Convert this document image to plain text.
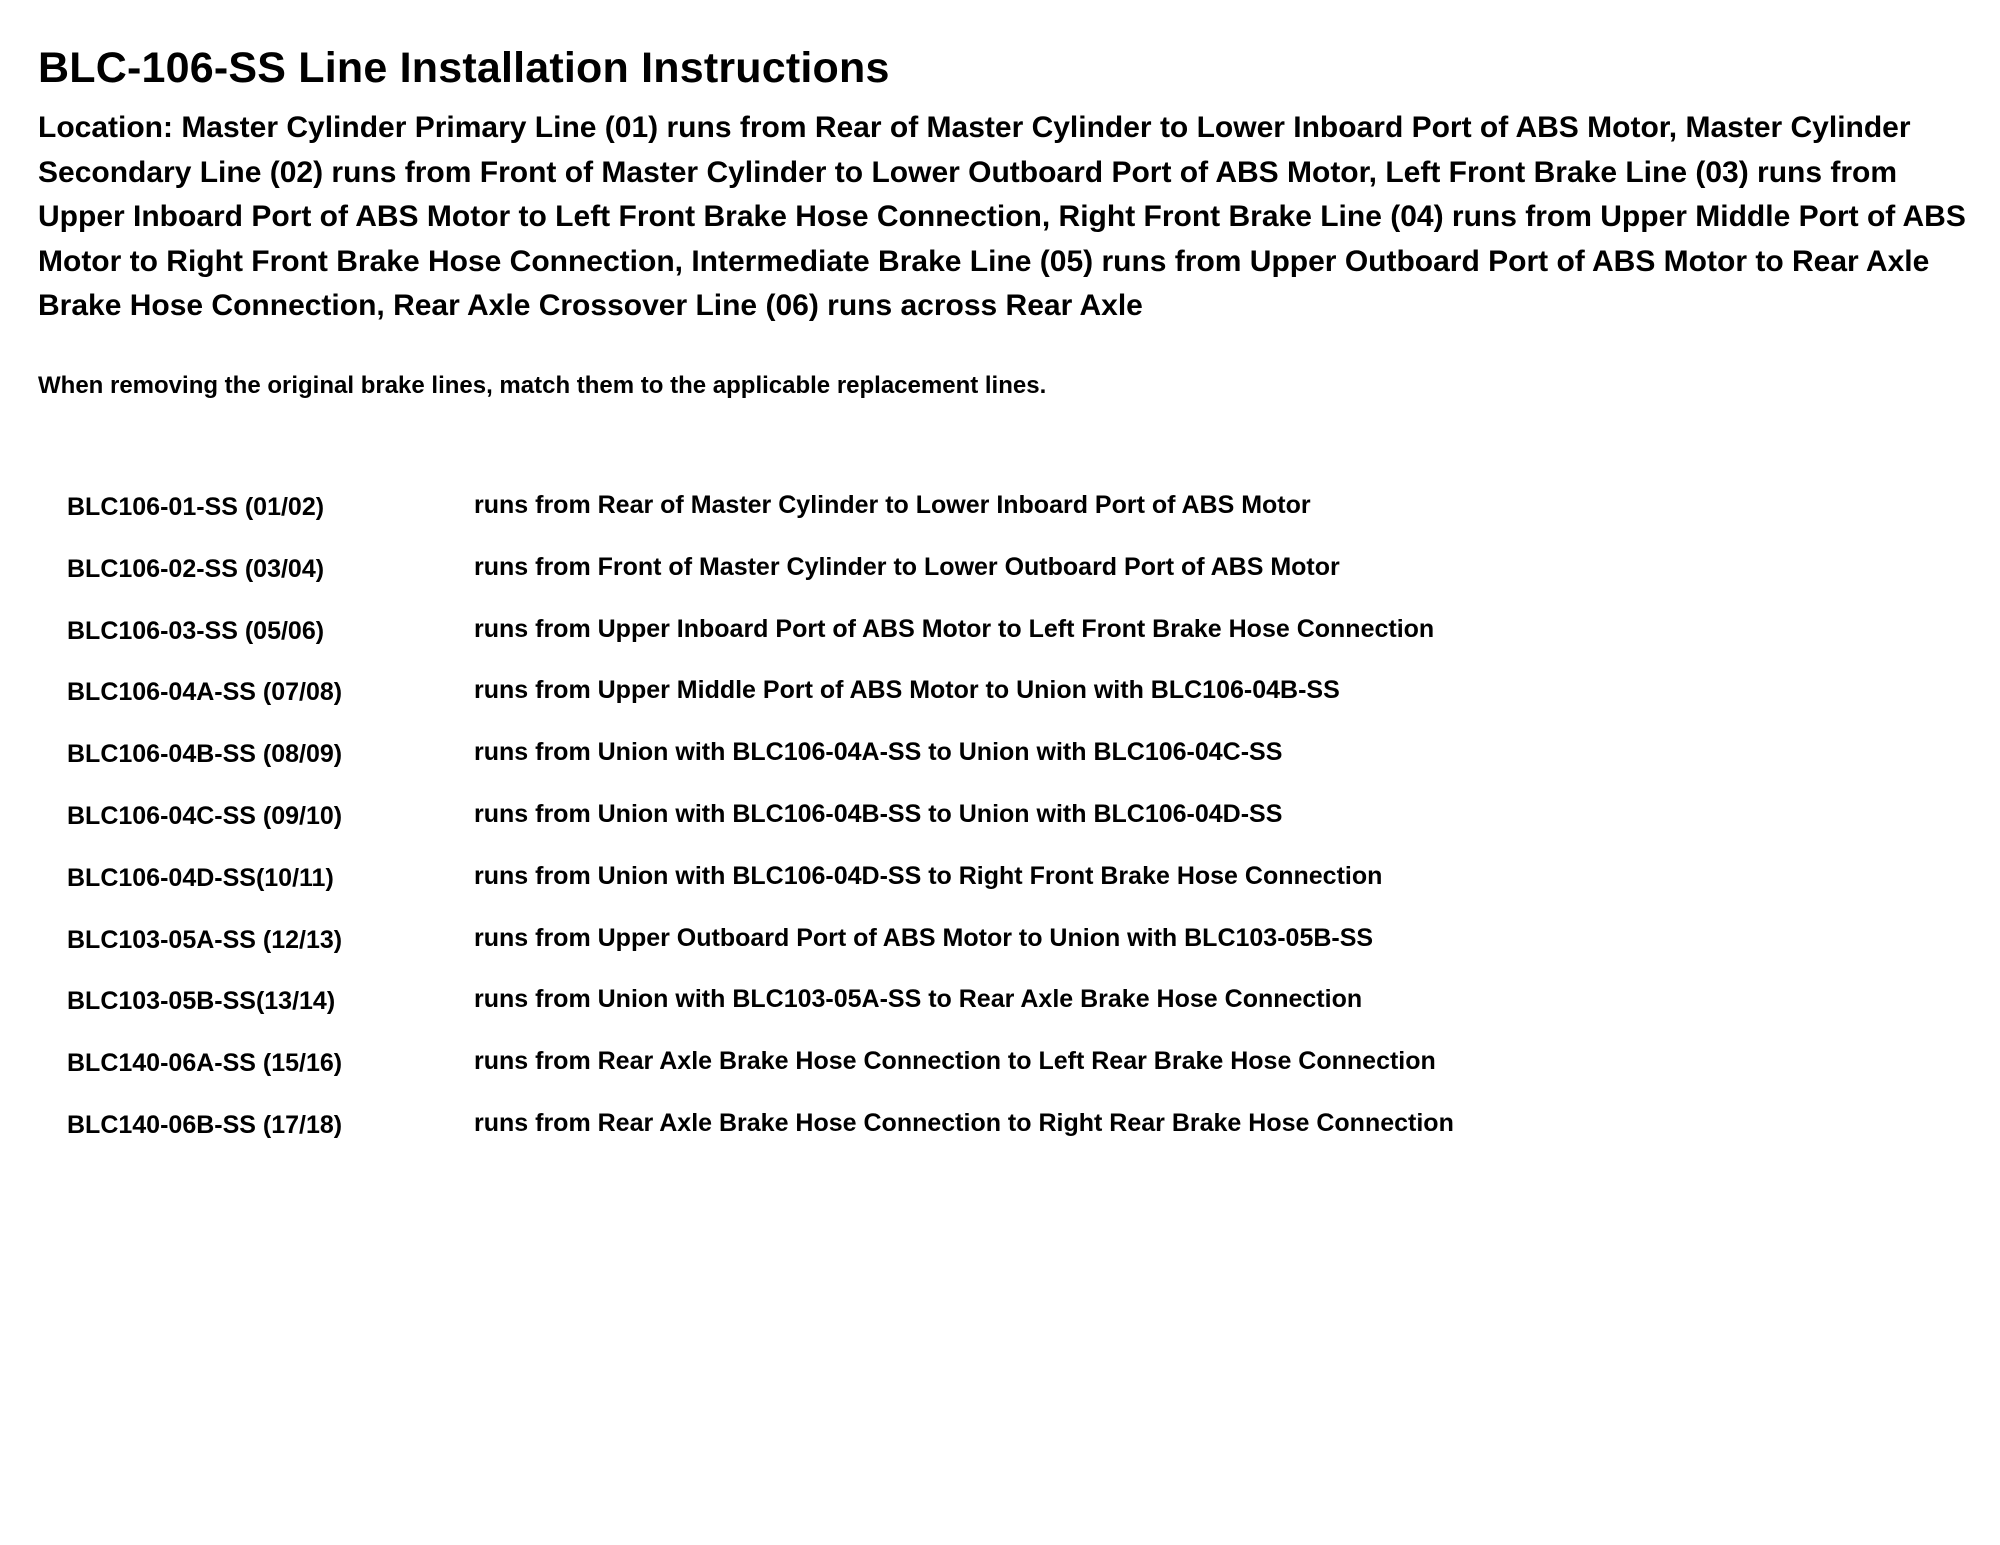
BLC-106-SS Line Installation Instructions

Location: Master Cylinder Primary Line (01) runs from Rear of Master Cylinder to Lower Inboard Port of ABS Motor, Master Cylinder Secondary Line (02) runs from Front of Master Cylinder to Lower Outboard Port of ABS Motor, Left Front Brake Line (03) runs from Upper Inboard Port of ABS Motor to Left Front Brake Hose Connection, Right Front Brake Line (04) runs from Upper Middle Port of ABS Motor to Right Front Brake Hose Connection, Intermediate Brake Line (05) runs from Upper Outboard Port of ABS Motor to Rear Axle Brake Hose Connection, Rear Axle Crossover Line (06) runs across Rear Axle

When removing the original brake lines, match them to the applicable replacement lines.

BLC106-01-SS (01/02)	runs from Rear of Master Cylinder to Lower Inboard Port of ABS Motor
BLC106-02-SS (03/04)	runs from Front of Master Cylinder to Lower Outboard Port of ABS Motor
BLC106-03-SS (05/06)	runs from Upper Inboard Port of ABS Motor to Left Front Brake Hose Connection
BLC106-04A-SS (07/08)	runs from Upper Middle Port of ABS Motor to Union with BLC106-04B-SS
BLC106-04B-SS (08/09)	runs from Union with BLC106-04A-SS to Union with BLC106-04C-SS
BLC106-04C-SS (09/10)	runs from Union with BLC106-04B-SS to Union with BLC106-04D-SS
BLC106-04D-SS(10/11)	runs from Union with BLC106-04D-SS to Right Front Brake Hose Connection
BLC103-05A-SS (12/13)	runs from Upper Outboard Port of ABS Motor to Union with BLC103-05B-SS
BLC103-05B-SS(13/14)	runs from Union with BLC103-05A-SS to Rear Axle Brake Hose Connection
BLC140-06A-SS (15/16)	runs from Rear Axle Brake Hose Connection to Left Rear Brake Hose Connection
BLC140-06B-SS (17/18)	runs from Rear Axle Brake Hose Connection to Right Rear Brake Hose Connection
